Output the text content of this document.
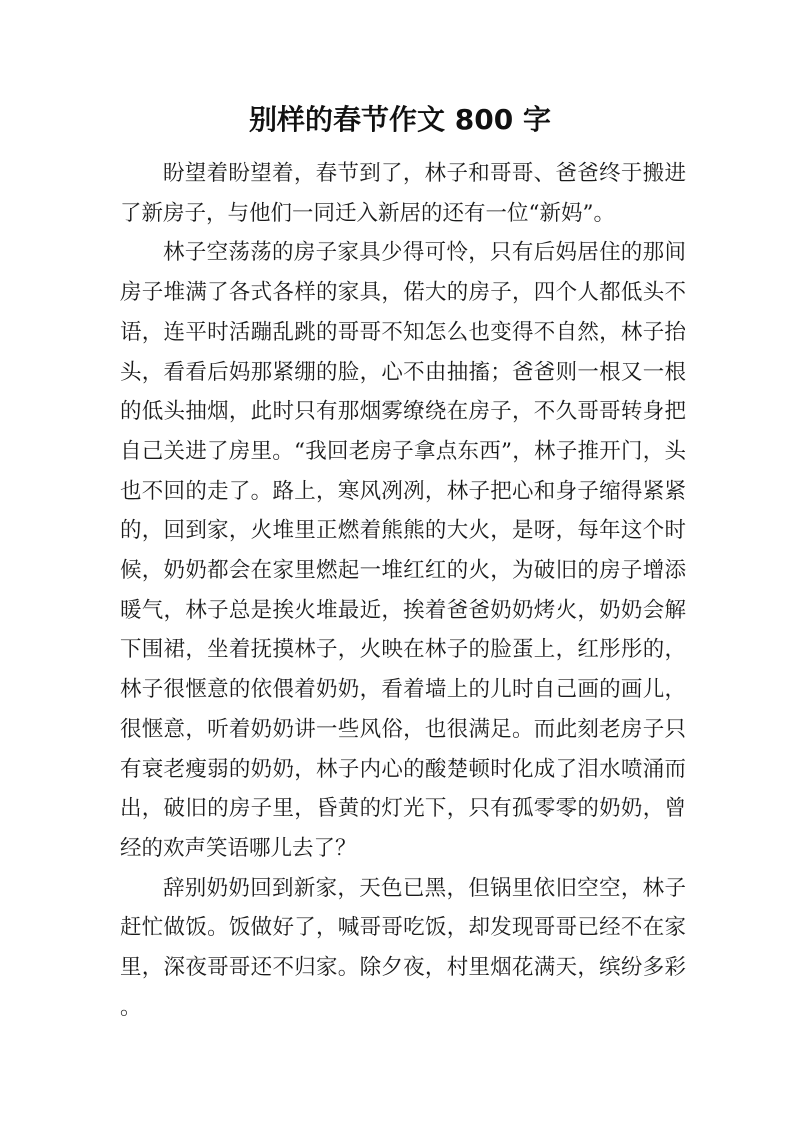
别样的春节作文 800 字

盼望着盼望着，春节到了，林子和哥哥、爸爸终于搬进了新房子，与他们一同迁入新居的还有一位“新妈”。

林子空荡荡的房子家具少得可怜，只有后妈居住的那间房子堆满了各式各样的家具，偌大的房子，四个人都低头不语，连平时活蹦乱跳的哥哥不知怎么也变得不自然，林子抬头，看看后妈那紧绷的脸，心不由抽搐；爸爸则一根又一根的低头抽烟，此时只有那烟雾缭绕在房子，不久哥哥转身把自己关进了房里。“我回老房子拿点东西”，林子推开门，头也不回的走了。路上，寒风冽冽，林子把心和身子缩得紧紧的，回到家，火堆里正燃着熊熊的大火，是呀，每年这个时候，奶奶都会在家里燃起一堆红红的火，为破旧的房子增添暖气，林子总是挨火堆最近，挨着爸爸奶奶烤火，奶奶会解下围裙，坐着抚摸林子，火映在林子的脸蛋上，红彤彤的，林子很惬意的依偎着奶奶，看着墙上的儿时自己画的画儿，很惬意，听着奶奶讲一些风俗，也很满足。而此刻老房子只有衰老瘦弱的奶奶，林子内心的酸楚顿时化成了泪水喷涌而出，破旧的房子里，昏黄的灯光下，只有孤零零的奶奶，曾经的欢声笑语哪儿去了？

辞别奶奶回到新家，天色已黑，但锅里依旧空空，林子赶忙做饭。饭做好了，喊哥哥吃饭，却发现哥哥已经不在家里，深夜哥哥还不归家。除夕夜，村里烟花满天，缤纷多彩。
